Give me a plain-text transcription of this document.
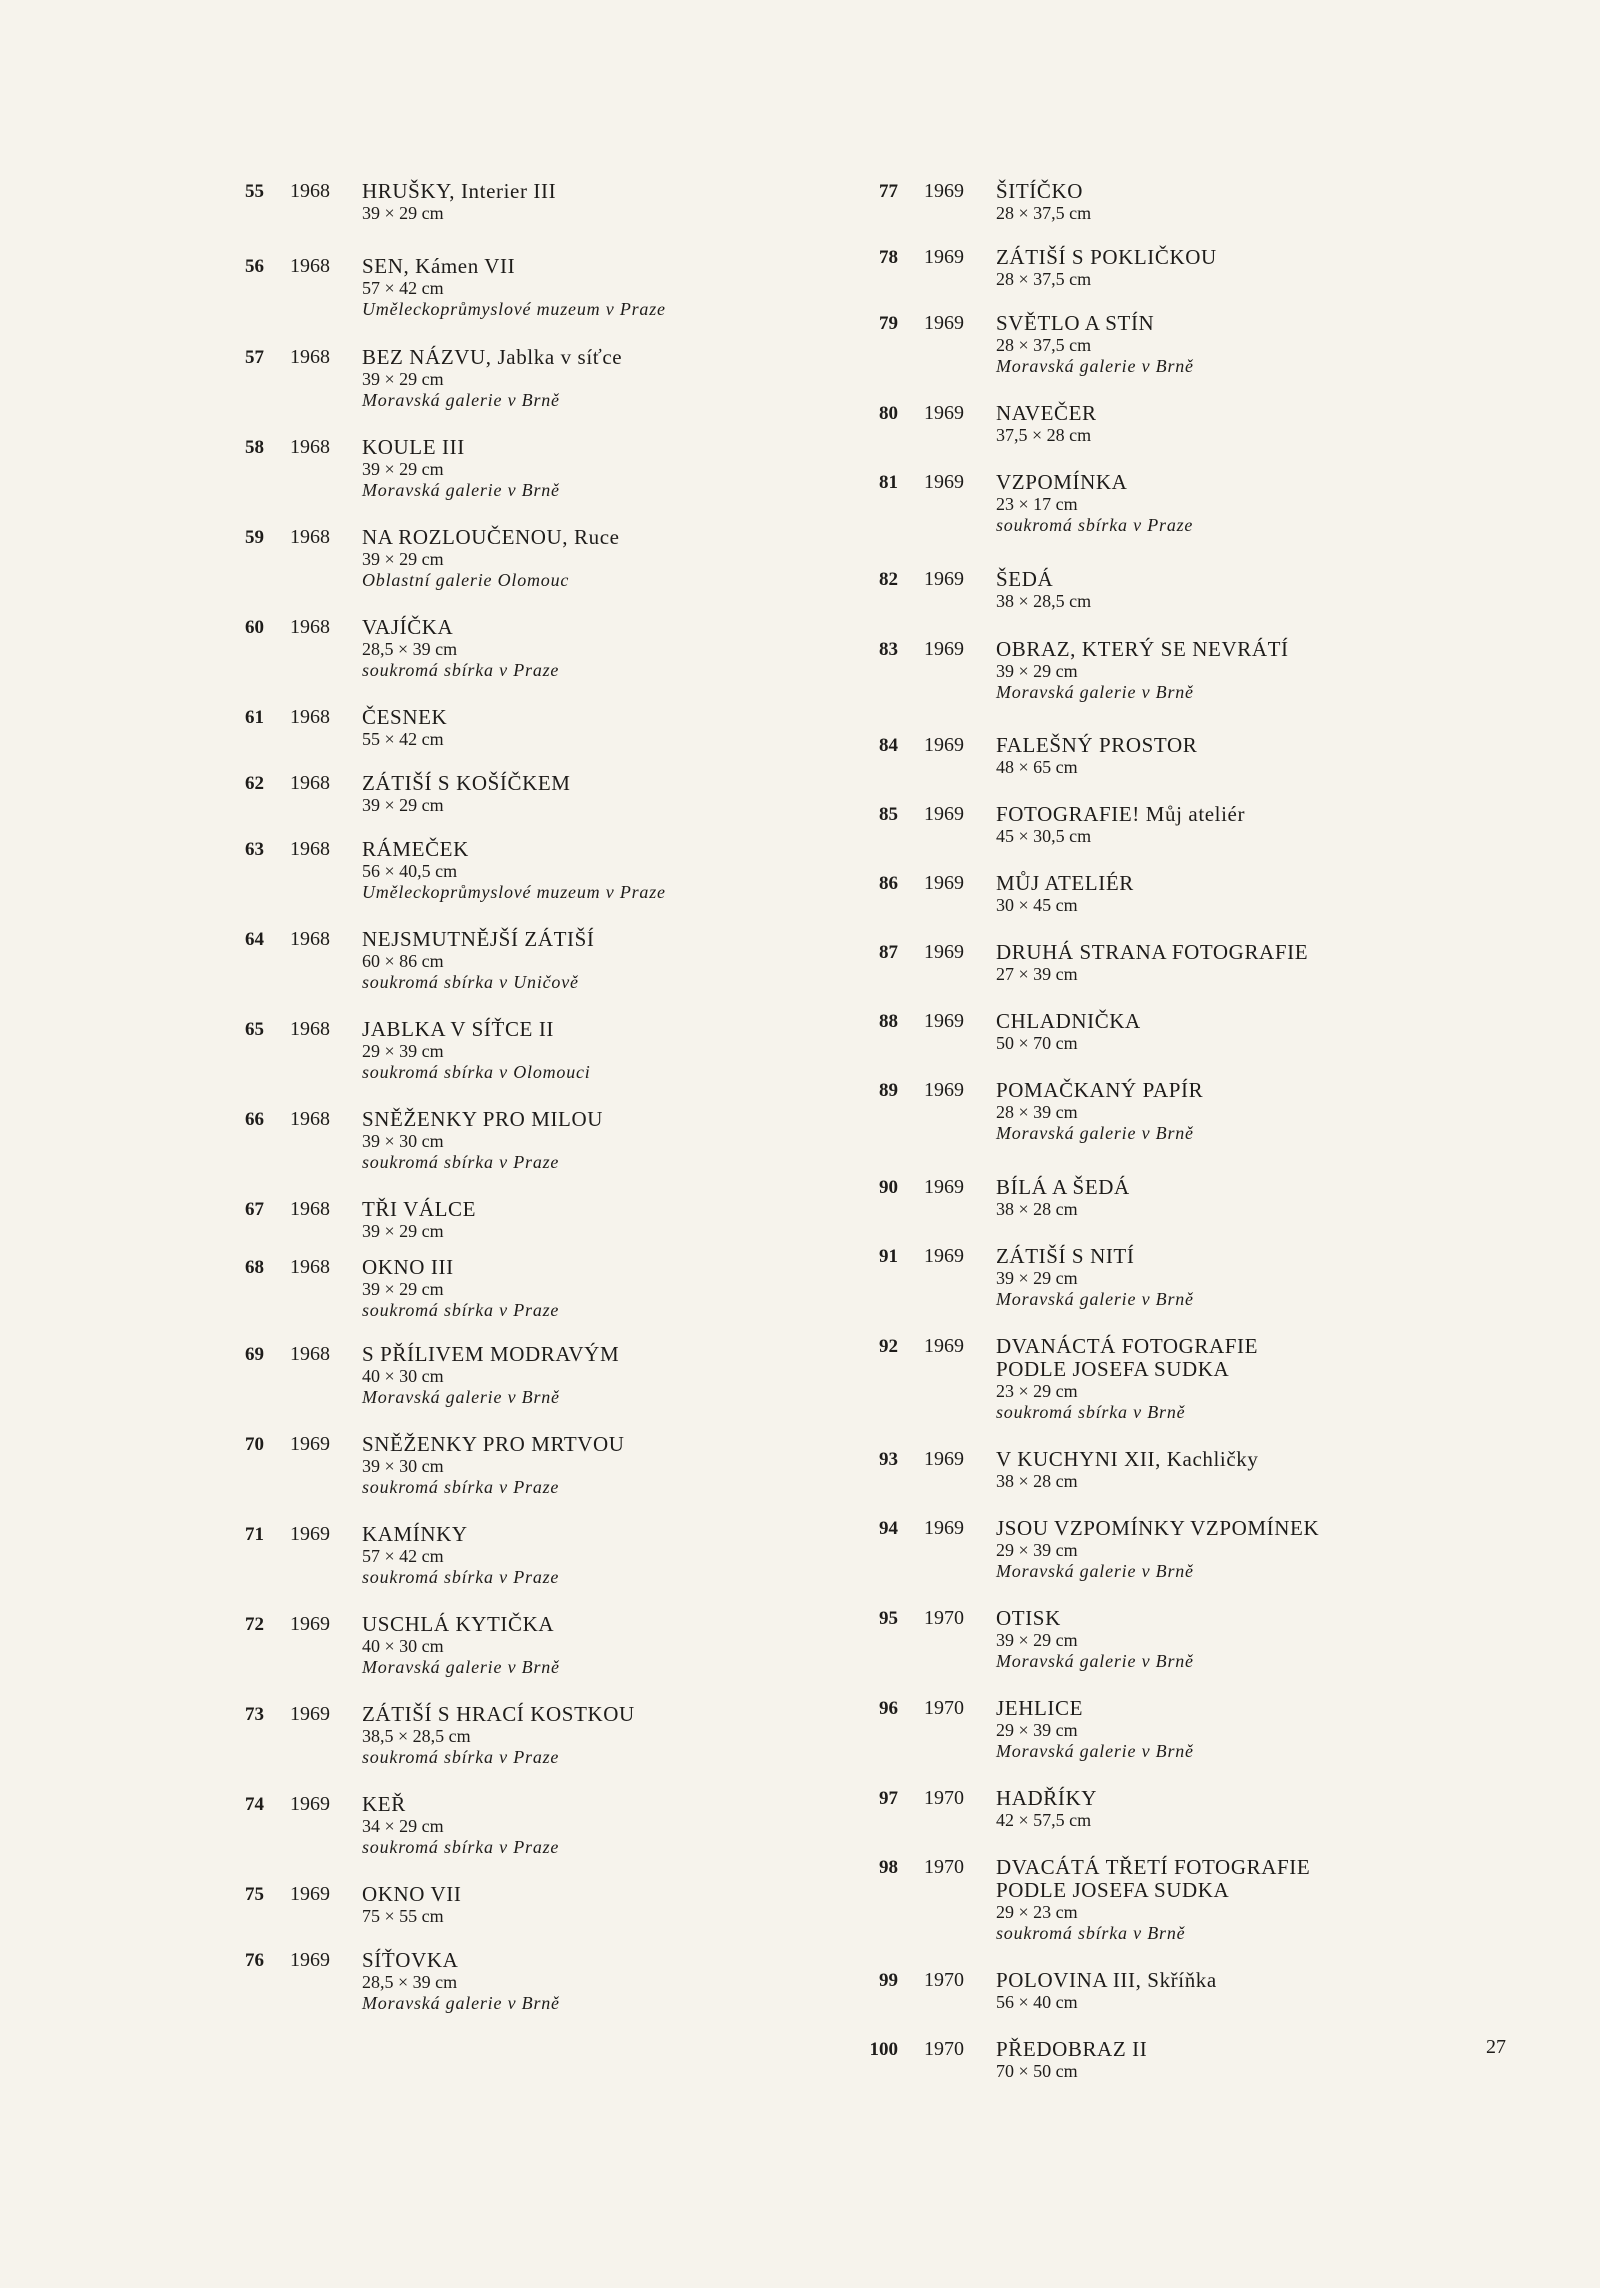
55 1968	HRUŠKY, Interier III
39 × 29 cm
56 1968	SEN, Kámen VII
57 × 42 cm
Uměleckoprůmyslové muzeum v Praze
57 1968	BEZ NÁZVU, Jablka v síťce
39 × 29 cm
Moravská galerie v Brně
58 1968	KOULE III
39 × 29 cm
Moravská galerie v Brně
59 1968	NA ROZLOUČENOU, Ruce
39 × 29 cm
Oblastní galerie Olomouc
60 1968	VAJÍČKA
28,5 × 39 cm
soukromá sbírka v Praze
61 1968	ČESNEK
55 × 42 cm
62 1968	ZÁTIŠÍ S KOŠÍČKEM
39 × 29 cm
63 1968	RÁMEČEK
56 × 40,5 cm
Uměleckoprůmyslové muzeum v Praze
64 1968	NEJSMUTNĚJŠÍ ZÁTIŠÍ
60 × 86 cm
soukromá sbírka v Uničově
65 1968	JABLKA V SÍŤCE II
29 × 39 cm
soukromá sbírka v Olomouci
66 1968	SNĚŽENKY PRO MILOU
39 × 30 cm
soukromá sbírka v Praze
67 1968	TŘI VÁLCE
39 × 29 cm
68 1968	OKNO III
39 × 29 cm
soukromá sbírka v Praze
69 1968	S PŘÍLIVEM MODRAVÝM
40 × 30 cm
Moravská galerie v Brně
70 1969	SNĚŽENKY PRO MRTVOU
39 × 30 cm
soukromá sbírka v Praze
71 1969	KAMÍNKY
57 × 42 cm
soukromá sbírka v Praze
72 1969	USCHLÁ KYTIČKA
40 × 30 cm
Moravská galerie v Brně
73 1969	ZÁTIŠÍ S HRACÍ KOSTKOU
38,5 × 28,5 cm
soukromá sbírka v Praze
74 1969	KEŘ
34 × 29 cm
soukromá sbírka v Praze
75 1969	OKNO VII
75 × 55 cm
76 1969	SÍŤOVKA
28,5 × 39 cm
Moravská galerie v Brně
77 1969	ŠITÍČKO
28 × 37,5 cm
78 1969	ZÁTIŠÍ S POKLIČKOU
28 × 37,5 cm
79 1969	SVĚTLO A STÍN
28 × 37,5 cm
Moravská galerie v Brně
80 1969	NAVEČER
37,5 × 28 cm
81 1969	VZPOMÍNKA
23 × 17 cm
soukromá sbírka v Praze
82 1969	ŠEDÁ
38 × 28,5 cm
83 1969	OBRAZ, KTERÝ SE NEVRÁTÍ
39 × 29 cm
Moravská galerie v Brně
84 1969	FALEŠNÝ PROSTOR
48 × 65 cm
85 1969	FOTOGRAFIE! Můj ateliér
45 × 30,5 cm
86 1969	MŮJ ATELIÉR
30 × 45 cm
87 1969	DRUHÁ STRANA FOTOGRAFIE
27 × 39 cm
88 1969	CHLADNIČKA
50 × 70 cm
89 1969	POMAČKANÝ PAPÍR
28 × 39 cm
Moravská galerie v Brně
90 1969	BÍLÁ A ŠEDÁ
38 × 28 cm
91 1969	ZÁTIŠÍ S NITÍ
39 × 29 cm
Moravská galerie v Brně
92 1969	DVANÁCTÁ FOTOGRAFIE
PODLE JOSEFA SUDKA
23 × 29 cm
soukromá sbírka v Brně
93 1969	V KUCHYNI XII, Kachličky
38 × 28 cm
94 1969	JSOU VZPOMÍNKY VZPOMÍNEK
29 × 39 cm
Moravská galerie v Brně
95 1970	OTISK
39 × 29 cm
Moravská galerie v Brně
96 1970	JEHLICE
29 × 39 cm
Moravská galerie v Brně
97 1970	HADŘÍKY
42 × 57,5 cm
98 1970	DVACÁTÁ TŘETÍ FOTOGRAFIE
PODLE JOSEFA SUDKA
29 × 23 cm
soukromá sbírka v Brně
99 1970	POLOVINA III, Skříňka
56 × 40 cm
100 1970	PŘEDOBRAZ II
70 × 50 cm
27
